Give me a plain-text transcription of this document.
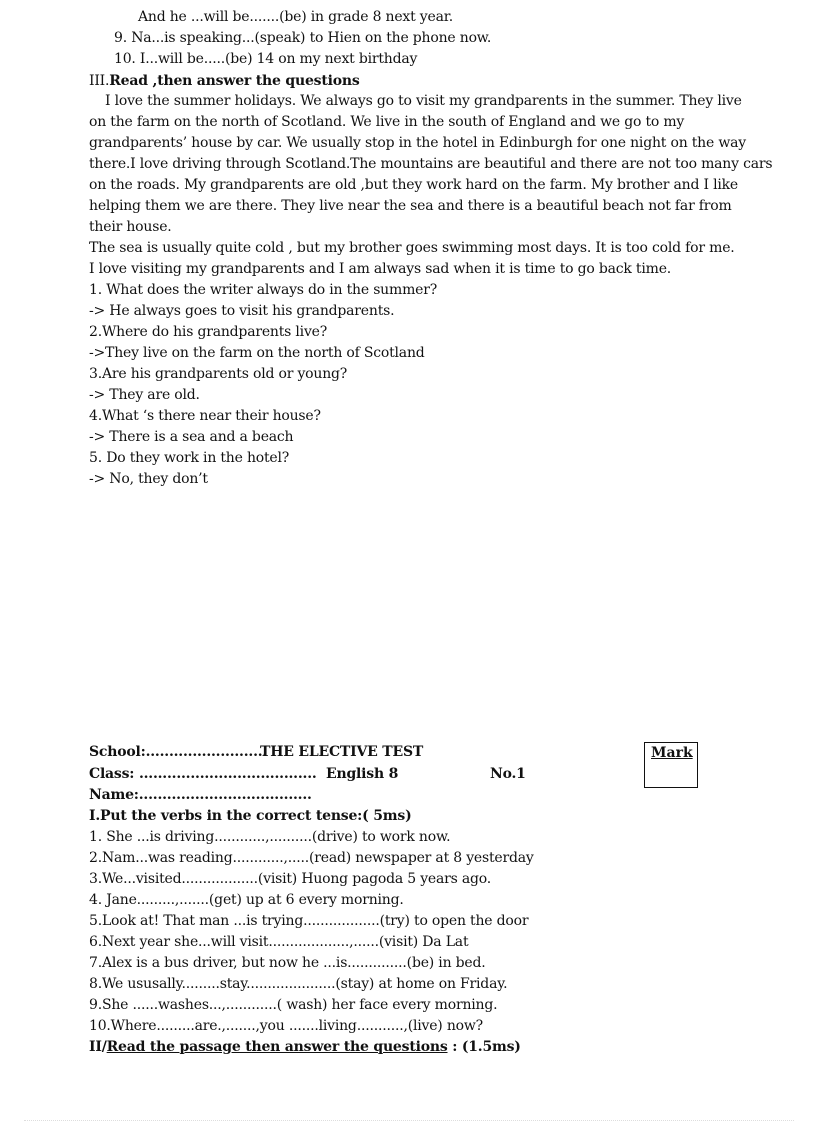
And he ...will be.......(be) in grade 8 next year.
9. Na...is speaking...(speak) to Hien on the phone now.
10. I...will be.....(be) 14 on my next birthday
III.Read ,then answer the questions
I love the summer holidays. We always go to visit my grandparents in the summer. They live
on the farm on the north of Scotland. We live in the south of England and we go to my
grandparents’ house by car. We usually stop in the hotel in Edinburgh for one night on the way
there.I love driving through Scotland.The mountains are beautiful and there are not too many cars
on the roads. My grandparents are old ,but they work hard on the farm. My brother and I like
helping them we are there. They live near the sea and there is a beautiful beach not far from
their house.
The sea is usually quite cold , but my brother goes swimming most days. It is too cold for me.
I love visiting my grandparents and I am always sad when it is time to go back time.
1. What does the writer always do in the summer?
-> He always goes to visit his grandparents.
2.Where do his grandparents live?
->They live on the farm on the north of Scotland
3.Are his grandparents old or young?
-> They are old.
4.What ‘s there near their house?
-> There is a sea and a beach
5. Do they work in the hotel?
-> No, they don’t
School:..........................
THE ELECTIVE TEST	Mark
Class: ...................................... English 8	No.1
Name:.....................................
I.Put the verbs in the correct tense:( 5ms)
1. She ...is driving............,..........(drive) to work now.
2.Nam...was reading............,.....(read) newspaper at 8 yesterday
3.We...visited..................(visit) Huong pagoda 5 years ago.
4. Jane.........,.......(get) up at 6 every morning.
5.Look at! That man ...is trying..................(try) to open the door
6.Next year she...will visit...................,......(visit) Da Lat
7.Alex is a bus driver, but now he ...is..............(be) in bed.
8.We ususally.........stay.....................(stay) at home on Friday.
9.She ......washes...,............( wash) her face every morning.
10.Where.........are.,.......,you .......living...........,(live) now?
II/Read the passage then answer the questions : (1.5ms)
